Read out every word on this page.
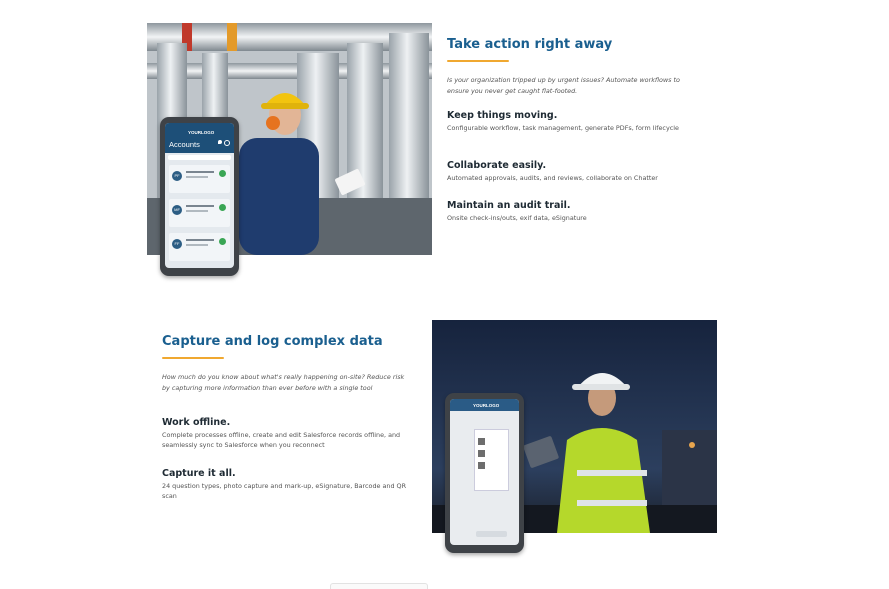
YOURLOGO
Accounts
PF
MF
FF
Take action right away

Is your organization tripped up by urgent issues? Automate workflows to ensure you never get caught flat-footed.

Keep things moving.

Configurable workflow, task management, generate PDFs, form lifecycle

Collaborate easily.

Automated approvals, audits, and reviews, collaborate on Chatter

Maintain an audit trail.

Onsite check-ins/outs, exif data, eSignature

Capture and log complex data

How much do you know about what's really happening on-site? Reduce risk by capturing more information than ever before with a single tool

Work offline.

Complete processes offline, create and edit Salesforce records offline, and seamlessly sync to Salesforce when you reconnect

Capture it all.

24 question types, photo capture and mark-up, eSignature, Barcode and QR scan

YOURLOGO
